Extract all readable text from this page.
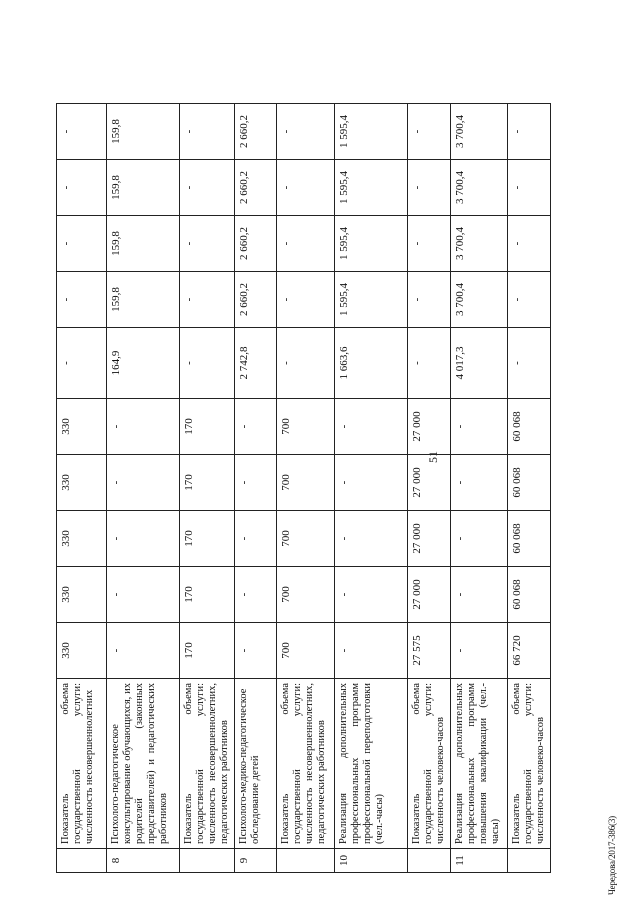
51
Чередова/2017-386(3)
	Показатель объема государственной услуги: численность несовершеннолетних	330	330	330	330	330	-	-	-	-	-
8	Психолого-педагогическое консультирование обучающихся, их родителей (законных представителей) и педагогических работников	-	-	-	-	-	164,9	159,8	159,8	159,8	159,8
	Показатель объема государственной услуги: численность несовершеннолетних, педагогических работников	170	170	170	170	170	-	-	-	-	-
9	Психолого-медико-педагогическое обследование детей	-	-	-	-	-	2 742,8	2 660,2	2 660,2	2 660,2	2 660,2
	Показатель объема государственной услуги: численность несовершеннолетних, педагогических работников	700	700	700	700	700	-	-	-	-	-
10	Реализация дополнительных профессиональных программ профессиональной переподготовки (чел.-часы)	-	-	-	-	-	1 663,6	1 595,4	1 595,4	1 595,4	1 595,4
	Показатель объема государственной услуги: численность человеко-часов	27 575	27 000	27 000	27 000	27 000	-	-	-	-	-
11	Реализация дополнительных профессиональных программ повышения квалификации (чел.-часы)	-	-	-	-	-	4 017,3	3 700,4	3 700,4	3 700,4	3 700,4
	Показатель объема государственной услуги: численность человеко-часов	66 720	60 068	60 068	60 068	60 068	-	-	-	-	-
